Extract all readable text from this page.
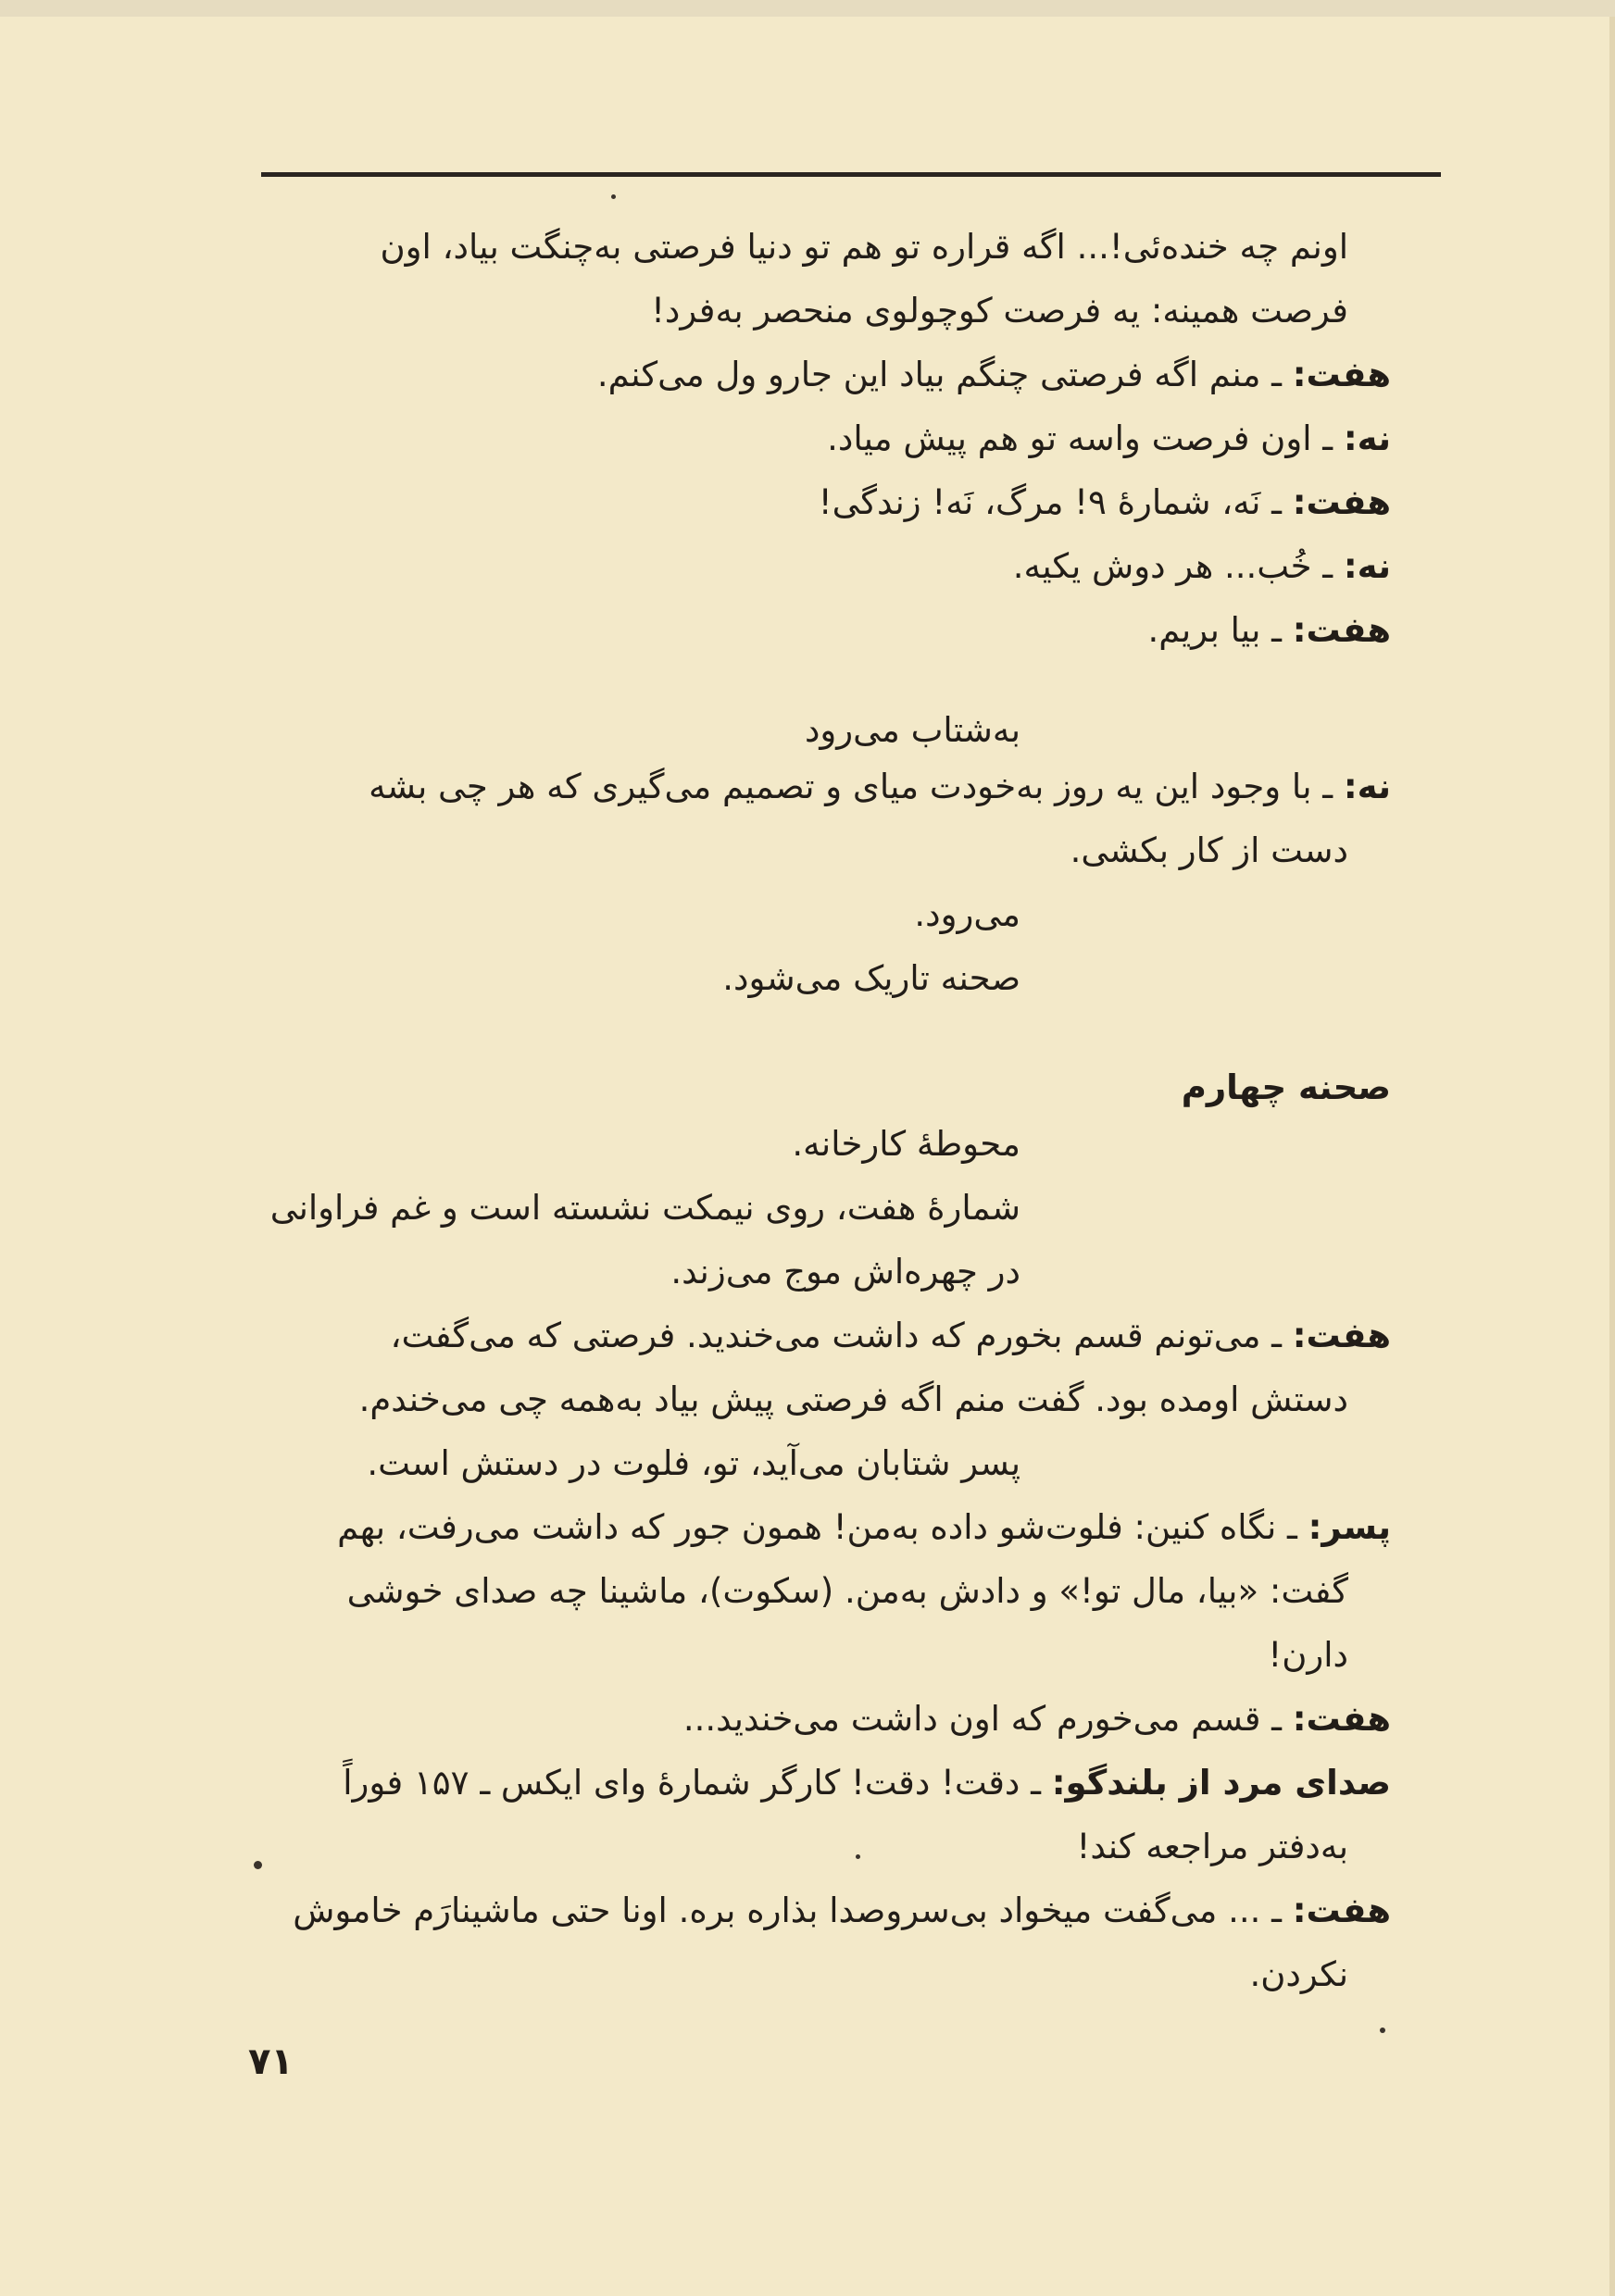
اونم چه خنده‌ئی!... اگه قراره تو هم تو دنیا فرصتی به‌چنگت بیاد، اون
فرصت همینه: یه فرصت کوچولوی منحصر به‌فرد!
هفت: ـ منم اگه فرصتی چنگم بیاد این جارو ول می‌کنم.
نه: ـ اون فرصت واسه تو هم پیش میاد.
هفت: ـ نَه، شمارهٔ ۹! مرگ، نَه! زندگی!
نه: ـ خُب... هر دوش یکیه.
هفت: ـ بیا بریم.
به‌شتاب می‌رود
نه: ـ با وجود این یه روز به‌خودت میای و تصمیم می‌گیری که هر چی بشه
دست از کار بکشی.
می‌رود.
صحنه تاریک می‌شود.
صحنه چهارم
محوطهٔ کارخانه.
شمارهٔ هفت، روی نیمکت نشسته است و غم فراوانی
در چهره‌اش موج می‌زند.
هفت: ـ می‌تونم قسم بخورم که داشت می‌خندید. فرصتی که می‌گفت،
دستش اومده بود. گفت منم اگه فرصتی پیش بیاد به‌همه چی می‌خندم.
پسر شتابان می‌آید، تو، فلوت در دستش است.
پسر: ـ نگاه کنین: فلوت‌شو داده به‌من! همون جور که داشت می‌رفت، بهم
گفت: «بیا، مال تو!» و دادش به‌من. (سکوت)، ماشینا چه صدای خوشی
دارن!
هفت: ـ قسم می‌خورم که اون داشت می‌خندید...
صدای مرد از بلندگو: ـ دقت! دقت! کارگر شمارهٔ وای ایکس ـ ۱۵۷ فوراً
به‌دفتر مراجعه کند!
هفت: ـ ... می‌گفت میخواد بی‌سروصدا بذاره بره. اونا حتی ماشینارَم خاموش
نکردن.
۷۱
